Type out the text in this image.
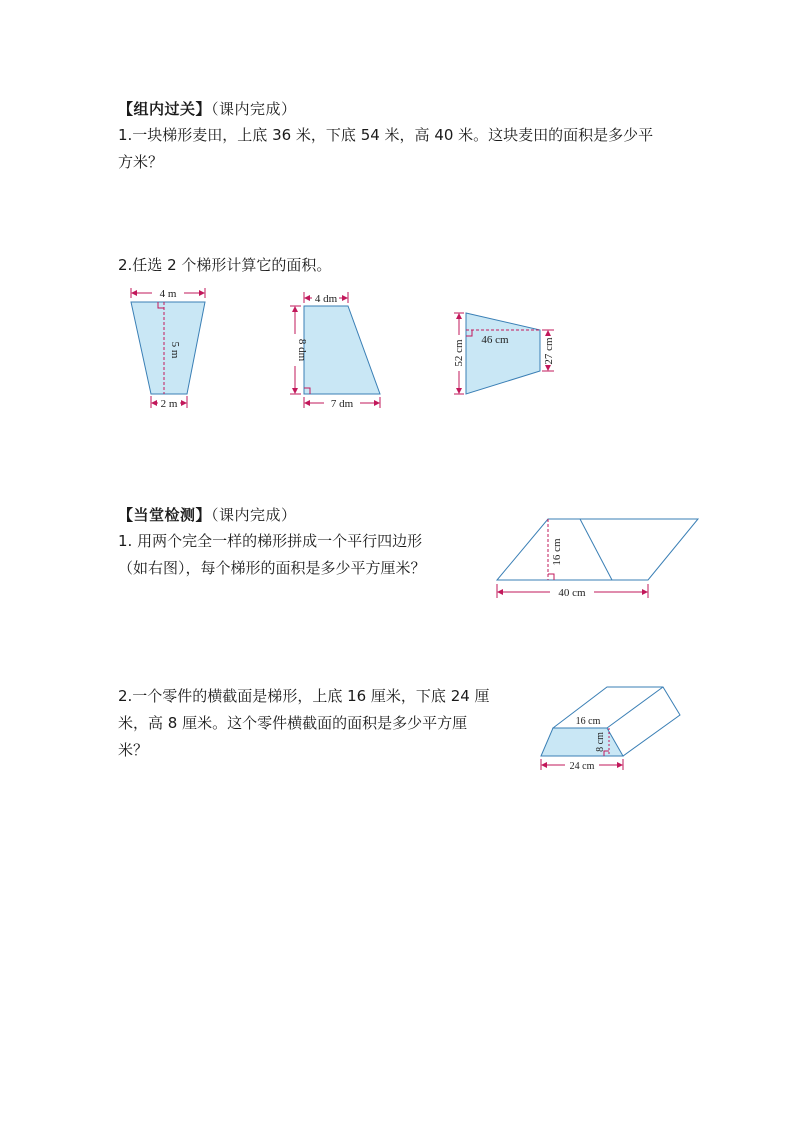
【组内过关】（课内完成）
1.一块梯形麦田，上底 36 米，下底 54 米，高 40 米。这块麦田的面积是多少平
方米？
2.任选 2 个梯形计算它的面积。
4 m
5 m
2 m
4 dm
8 dm
7 dm
46 cm
52 cm	27 cm
【当堂检测】（课内完成）
1. 用两个完全一样的梯形拼成一个平行四边形
（如右图），每个梯形的面积是多少平方厘米？
16 cm
40 cm
2.一个零件的横截面是梯形，上底 16 厘米，下底 24 厘
米，高 8 厘米。这个零件横截面的面积是多少平方厘
米？
16 cm
8 cm
24 cm
